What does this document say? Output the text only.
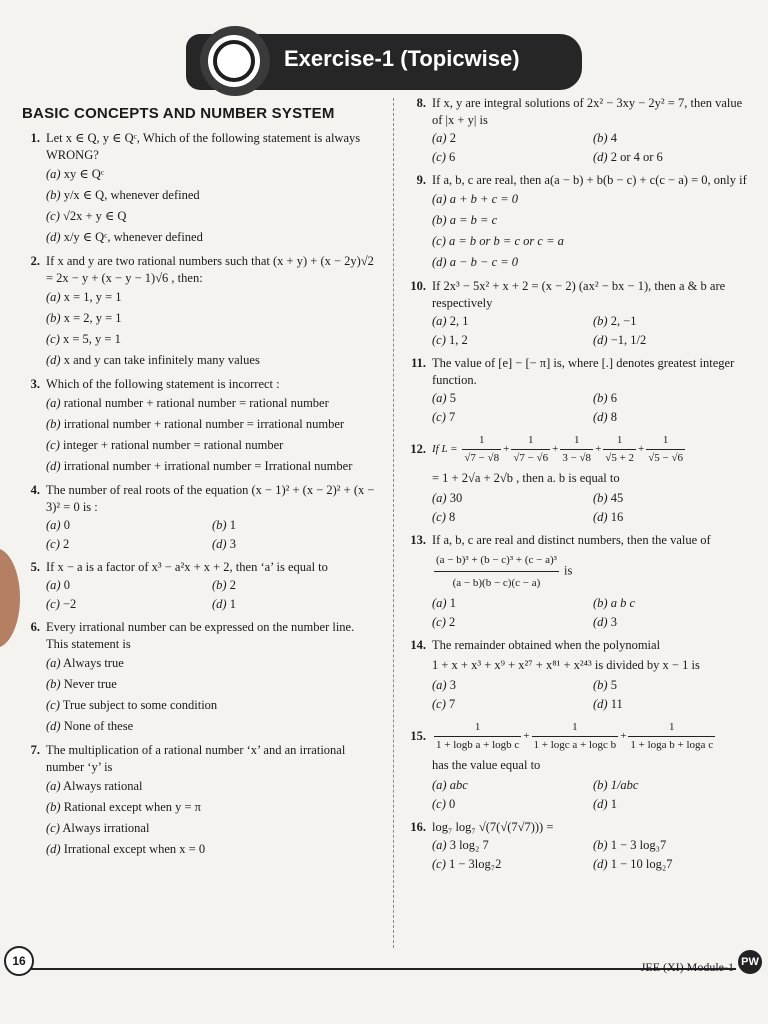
Exercise-1 (Topicwise)
BASIC CONCEPTS AND NUMBER SYSTEM
1. Let x ∈ Q, y ∈ Qᶜ, Which of the following statement is always WRONG?
(a) xy ∈ Qᶜ
(b) y/x ∈ Q, whenever defined
(c) √2x + y ∈ Q
(d) x/y ∈ Qᶜ, whenever defined
2. If x and y are two rational numbers such that (x + y) + (x − 2y)√2 = 2x − y + (x − y − 1)√6 , then:
(a) x = 1, y = 1
(b) x = 2, y = 1
(c) x = 5, y = 1
(d) x and y can take infinitely many values
3. Which of the following statement is incorrect :
(a) rational number + rational number = rational number
(b) irrational number + rational number = irrational number
(c) integer + rational number = rational number
(d) irrational number + irrational number = Irrational number
4. The number of real roots of the equation (x − 1)² + (x − 2)² + (x − 3)² = 0 is :
(a) 0	(b) 1
(c) 2	(d) 3
5. If x − a is a factor of x³ − a²x + x + 2, then ‘a’ is equal to
(a) 0	(b) 2
(c) −2	(d) 1
6. Every irrational number can be expressed on the number line. This statement is
(a) Always true
(b) Never true
(c) True subject to some condition
(d) None of these
7. The multiplication of a rational number ‘x’ and an irrational number ‘y’ is
(a) Always rational
(b) Rational except when y = π
(c) Always irrational
(d) Irrational except when x = 0
8. If x, y are integral solutions of 2x² − 3xy − 2y² = 7, then value of |x + y| is
(a) 2	(b) 4
(c) 6	(d) 2 or 4 or 6
9. If a, b, c are real, then a(a − b) + b(b − c) + c(c − a) = 0, only if
(a) a + b + c = 0
(b) a = b = c
(c) a = b or b = c or c = a
(d) a − b − c = 0
10. If 2x³ − 5x² + x + 2 = (x − 2) (ax² − bx − 1), then a & b are respectively
(a) 2, 1	(b) 2, −1
(c) 1, 2	(d) −1, 1/2
11. The value of [e] − [− π] is, where [.] denotes greatest integer function.
(a) 5	(b) 6
(c) 7	(d) 8
12. If $L = \frac{1}{√7 - √8} + \frac{1}{√7 - √6} + \frac{1}{3 - √8} + \frac{1}{√5 + 2} + \frac{1}{√5 - √6}$
= 1 + 2√a + 2√b , then a. b is equal to
(a) 30	(b) 45
(c) 8	(d) 16
13. If a, b, c are real and distinct numbers, then the value of
$\frac{\text{(a − b)³ + (b − c)³ + (c − a)³}}{(a - b)(b - c)(c - a)}$ is
(a) 1	(b) a b c
(c) 2	(d) 3
14. The remainder obtained when the polynomial
1 + x + x³ + x⁹ + x²⁷ + x⁸¹ + x²⁴³ is divided by x − 1 is
(a) 3	(b) 5
(c) 7	(d) 11
15. $\frac{1}{\text{1 + logb a + logb c}} + \frac{1}{\text{1 + logc a + logc b}} + \frac{1}{\text{1 + loga b + loga c}}$
has the value equal to
(a) abc	(b) 1/abc
(c) 0	(d) 1
16. log₇ log₇ √(7(√(7√7))) =
(a) 3 log₂ 7	(b) 1 − 3 log₃7
(c) 1 − 3log₇2	(d) 1 − 10 log₂7
16	JEE (XI) Module-1 PW
